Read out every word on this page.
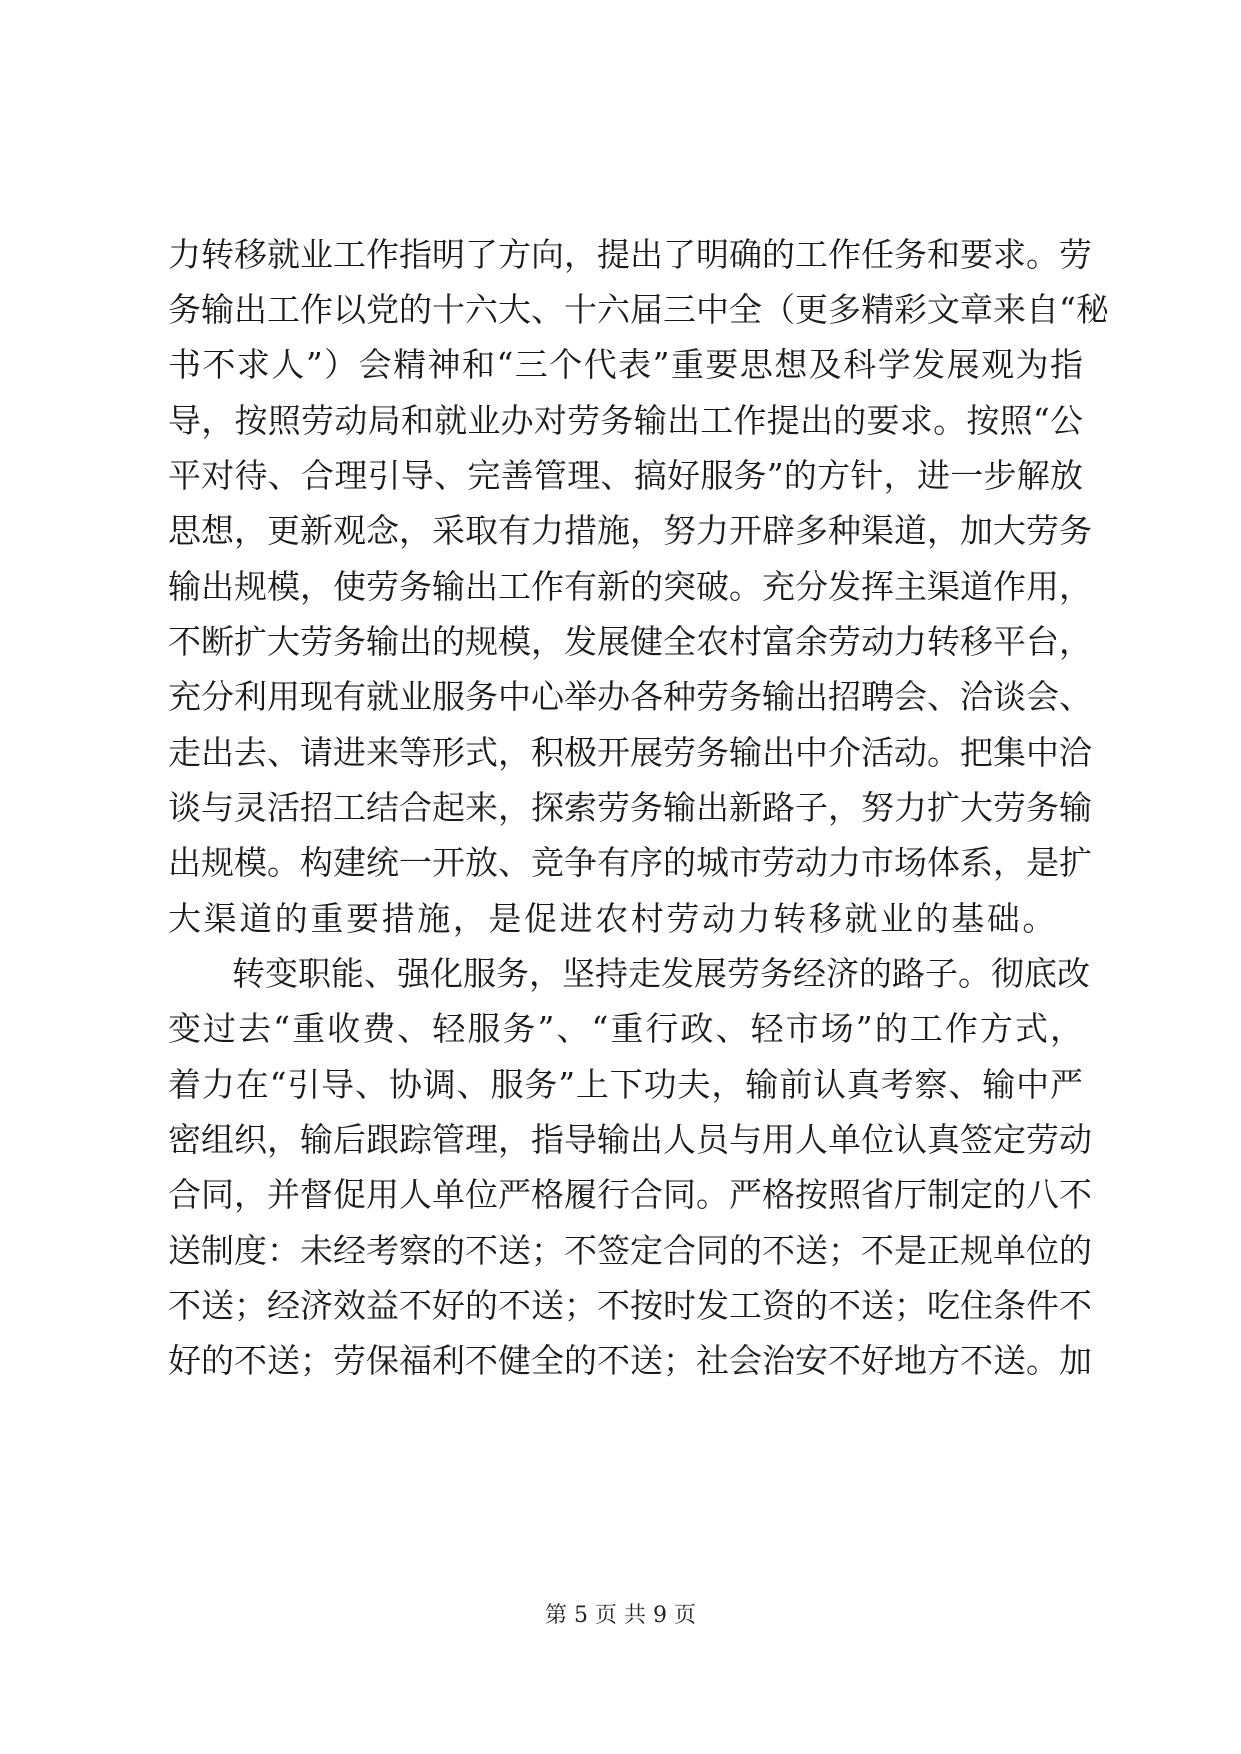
力转移就业工作指明了方向，提出了明确的工作任务和要求。劳
务输出工作以党的十六大、十六届三中全（更多精彩文章来自“秘
书不求人”）会精神和“三个代表”重要思想及科学发展观为指
导，按照劳动局和就业办对劳务输出工作提出的要求。按照“公
平对待、合理引导、完善管理、搞好服务”的方针，进一步解放
思想，更新观念，采取有力措施，努力开辟多种渠道，加大劳务
输出规模，使劳务输出工作有新的突破。充分发挥主渠道作用，
不断扩大劳务输出的规模，发展健全农村富余劳动力转移平台，
充分利用现有就业服务中心举办各种劳务输出招聘会、洽谈会、
走出去、请进来等形式，积极开展劳务输出中介活动。把集中洽
谈与灵活招工结合起来，探索劳务输出新路子，努力扩大劳务输
出规模。构建统一开放、竞争有序的城市劳动力市场体系，是扩
大渠道的重要措施，是促进农村劳动力转移就业的基础。
转变职能、强化服务，坚持走发展劳务经济的路子。彻底改
变过去“重收费、轻服务”、“重行政、轻市场”的工作方式，
着力在“引导、协调、服务”上下功夫，输前认真考察、输中严
密组织，输后跟踪管理，指导输出人员与用人单位认真签定劳动
合同，并督促用人单位严格履行合同。严格按照省厅制定的八不
送制度：未经考察的不送；不签定合同的不送；不是正规单位的
不送；经济效益不好的不送；不按时发工资的不送；吃住条件不
好的不送；劳保福利不健全的不送；社会治安不好地方不送。加
第 5 页 共 9 页
